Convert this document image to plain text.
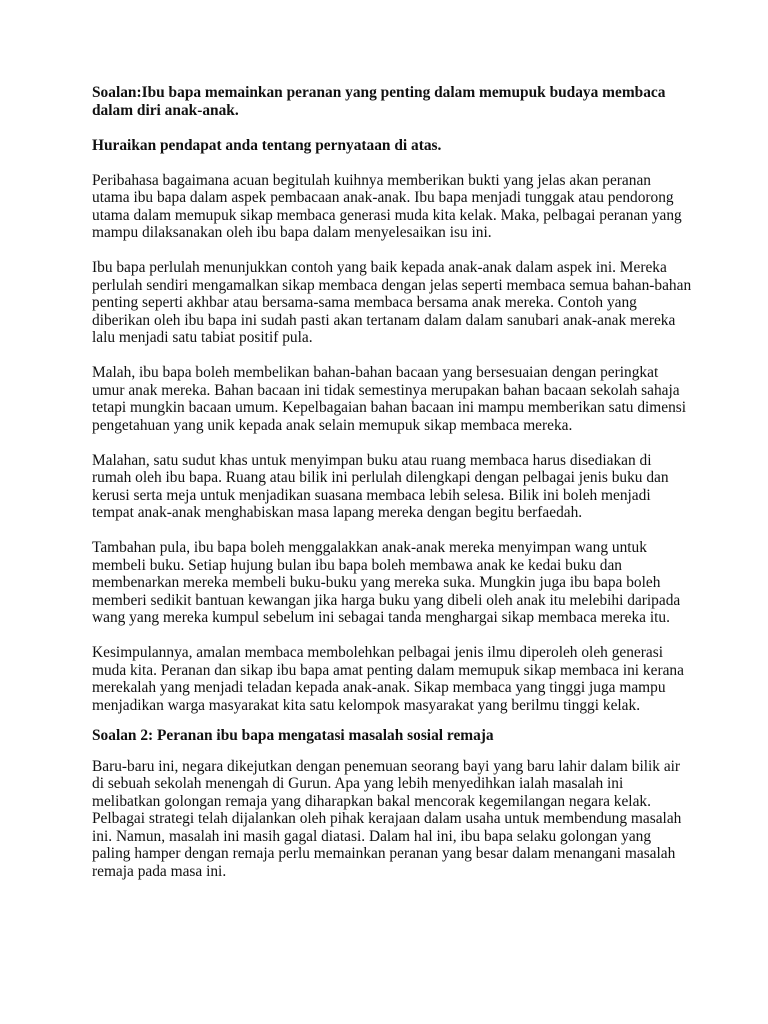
Soalan:Ibu bapa memainkan peranan yang penting dalam memupuk budaya membaca
dalam diri anak-anak.

Huraikan pendapat anda tentang pernyataan di atas.

Peribahasa bagaimana acuan begitulah kuihnya memberikan bukti yang jelas akan peranan
utama ibu bapa dalam aspek pembacaan anak-anak. Ibu bapa menjadi tunggak atau pendorong
utama dalam memupuk sikap membaca generasi muda kita kelak. Maka, pelbagai peranan yang
mampu dilaksanakan oleh ibu bapa dalam menyelesaikan isu ini.

Ibu bapa perlulah menunjukkan contoh yang baik kepada anak-anak dalam aspek ini. Mereka
perlulah sendiri mengamalkan sikap membaca dengan jelas seperti membaca semua bahan-bahan
penting seperti akhbar atau bersama-sama membaca bersama anak mereka. Contoh yang
diberikan oleh ibu bapa ini sudah pasti akan tertanam dalam dalam sanubari anak-anak mereka
lalu menjadi satu tabiat positif pula.

Malah, ibu bapa boleh membelikan bahan-bahan bacaan yang bersesuaian dengan peringkat
umur anak mereka. Bahan bacaan ini tidak semestinya merupakan bahan bacaan sekolah sahaja
tetapi mungkin bacaan umum. Kepelbagaian bahan bacaan ini mampu memberikan satu dimensi
pengetahuan yang unik kepada anak selain memupuk sikap membaca mereka.

Malahan, satu sudut khas untuk menyimpan buku atau ruang membaca harus disediakan di
rumah oleh ibu bapa. Ruang atau bilik ini perlulah dilengkapi dengan pelbagai jenis buku dan
kerusi serta meja untuk menjadikan suasana membaca lebih selesa. Bilik ini boleh menjadi
tempat anak-anak menghabiskan masa lapang mereka dengan begitu berfaedah.

Tambahan pula, ibu bapa boleh menggalakkan anak-anak mereka menyimpan wang untuk
membeli buku. Setiap hujung bulan ibu bapa boleh membawa anak ke kedai buku dan
membenarkan mereka membeli buku-buku yang mereka suka. Mungkin juga ibu bapa boleh
memberi sedikit bantuan kewangan jika harga buku yang dibeli oleh anak itu melebihi daripada
wang yang mereka kumpul sebelum ini sebagai tanda menghargai sikap membaca mereka itu.

Kesimpulannya, amalan membaca membolehkan pelbagai jenis ilmu diperoleh oleh generasi
muda kita. Peranan dan sikap ibu bapa amat penting dalam memupuk sikap membaca ini kerana
merekalah yang menjadi teladan kepada anak-anak. Sikap membaca yang tinggi juga mampu
menjadikan warga masyarakat kita satu kelompok masyarakat yang berilmu tinggi kelak.

Soalan 2: Peranan ibu bapa mengatasi masalah sosial remaja

Baru-baru ini, negara dikejutkan dengan penemuan seorang bayi yang baru lahir dalam bilik air
di sebuah sekolah menengah di Gurun. Apa yang lebih menyedihkan ialah masalah ini
melibatkan golongan remaja yang diharapkan bakal mencorak kegemilangan negara kelak.
Pelbagai strategi telah dijalankan oleh pihak kerajaan dalam usaha untuk membendung masalah
ini. Namun, masalah ini masih gagal diatasi. Dalam hal ini, ibu bapa selaku golongan yang
paling hamper dengan remaja perlu memainkan peranan yang besar dalam menangani masalah
remaja pada masa ini.
